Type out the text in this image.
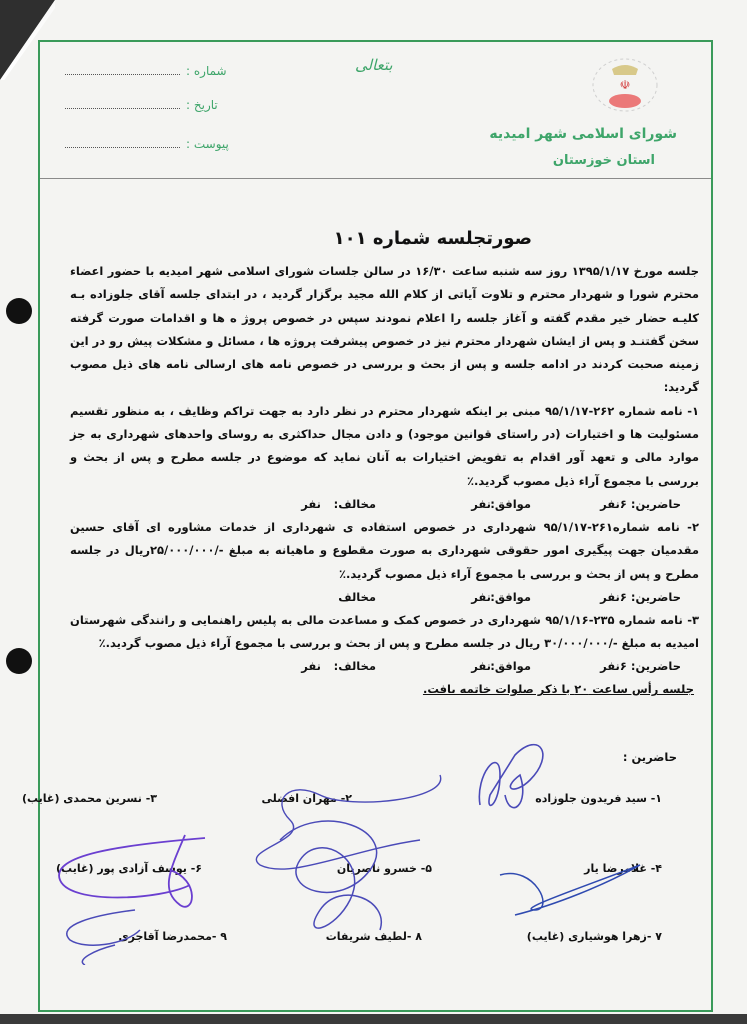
بتعالی
☫
شورای اسلامی شهر امیدیه
استان خوزستان
شماره :
تاریخ :
پیوست :
صورتجلسه شماره ۱۰۱

جلسه مورخ ۱۳۹۵/۱/۱۷ روز سه شنبه ساعت ۱۶/۳۰ در سالن جلسات شورای اسلامی شهر امیدیه با حضور اعضاء محترم شورا و شهردار محترم و تلاوت آیاتی از کلام الله مجید برگزار گردید ، در ابتدای جلسه آقای جلوزاده بـه کلیـه حضار خیر مقدم گفته و آغاز جلسه را اعلام نمودند سپس در خصوص پروژ ه ها و اقدامات صورت گرفته سخن گفتنـد و پس از ایشان شهردار محترم نیز در خصوص پیشرفت پروژه ها ، مسائل و مشکلات پیش رو در این زمینه صحبت کردند در ادامه جلسه و پس از بحث و بررسی در خصوص نامه های ارسالی نامه های ذیل مصوب گردید:

۱- نامه شماره ۲۶۲-۹۵/۱/۱۷ مبنی بر اینکه شهردار محترم در نظر دارد به جهت تراکم وظایف ، به منظور تقسیم مسئولیت ها و اختیارات (در راستای قوانین موجود) و دادن مجال حداکثری به روسای واحدهای شهرداری به جز موارد مالی و تعهد آور اقدام به تفویض اختیارات به آنان نماید که موضوع در جلسه مطرح و پس از بحث و بررسی با مجموع آراء ذیل مصوب گردید.٪

حاضرین: ۶نفر
موافق:
نفر
مخالف:
نفر

۲- نامه شماره۲۶۱-۹۵/۱/۱۷ شهرداری در خصوص استفاده ی شهرداری از خدمات مشاوره ای آقای حسین مقدمیان جهت پیگیری امور حقوقی شهرداری به صورت مقطوع و ماهیانه به مبلغ -/۲۵/۰۰۰/۰۰۰ریال در جلسه مطرح و پس از بحث و بررسی با مجموع آراء ذیل مصوب گردید.٪

حاضرین: ۶نفر
موافق:
نفر
مخالف

۳- نامه شماره ۲۳۵-۹۵/۱/۱۶ شهرداری در خصوص کمک و مساعدت مالی به پلیس راهنمایی و رانندگی شهرستان امیدیه به مبلغ -/۳۰/۰۰۰/۰۰۰ ریال در جلسه مطرح و پس از بحث و بررسی با مجموع آراء ذیل مصوب گردید.٪

حاضرین: ۶نفر
موافق:
نفر
مخالف:
نفر

جلسه رأس ساعت ۲۰ با ذکر صلوات خاتمه یافت.

حاضرین :
۱- سید فریدون جلوزاده
۲- مهران افضلی
۳- نسرین محمدی (غایب)
۴- غلامرضا یار
۵- خسرو ناصریان
۶- یوسف آزادی پور (غایب)
۷ -زهرا هوشیاری (غایب)
۸ -لطیف شریفات
۹ -محمدرضا آقاجری
